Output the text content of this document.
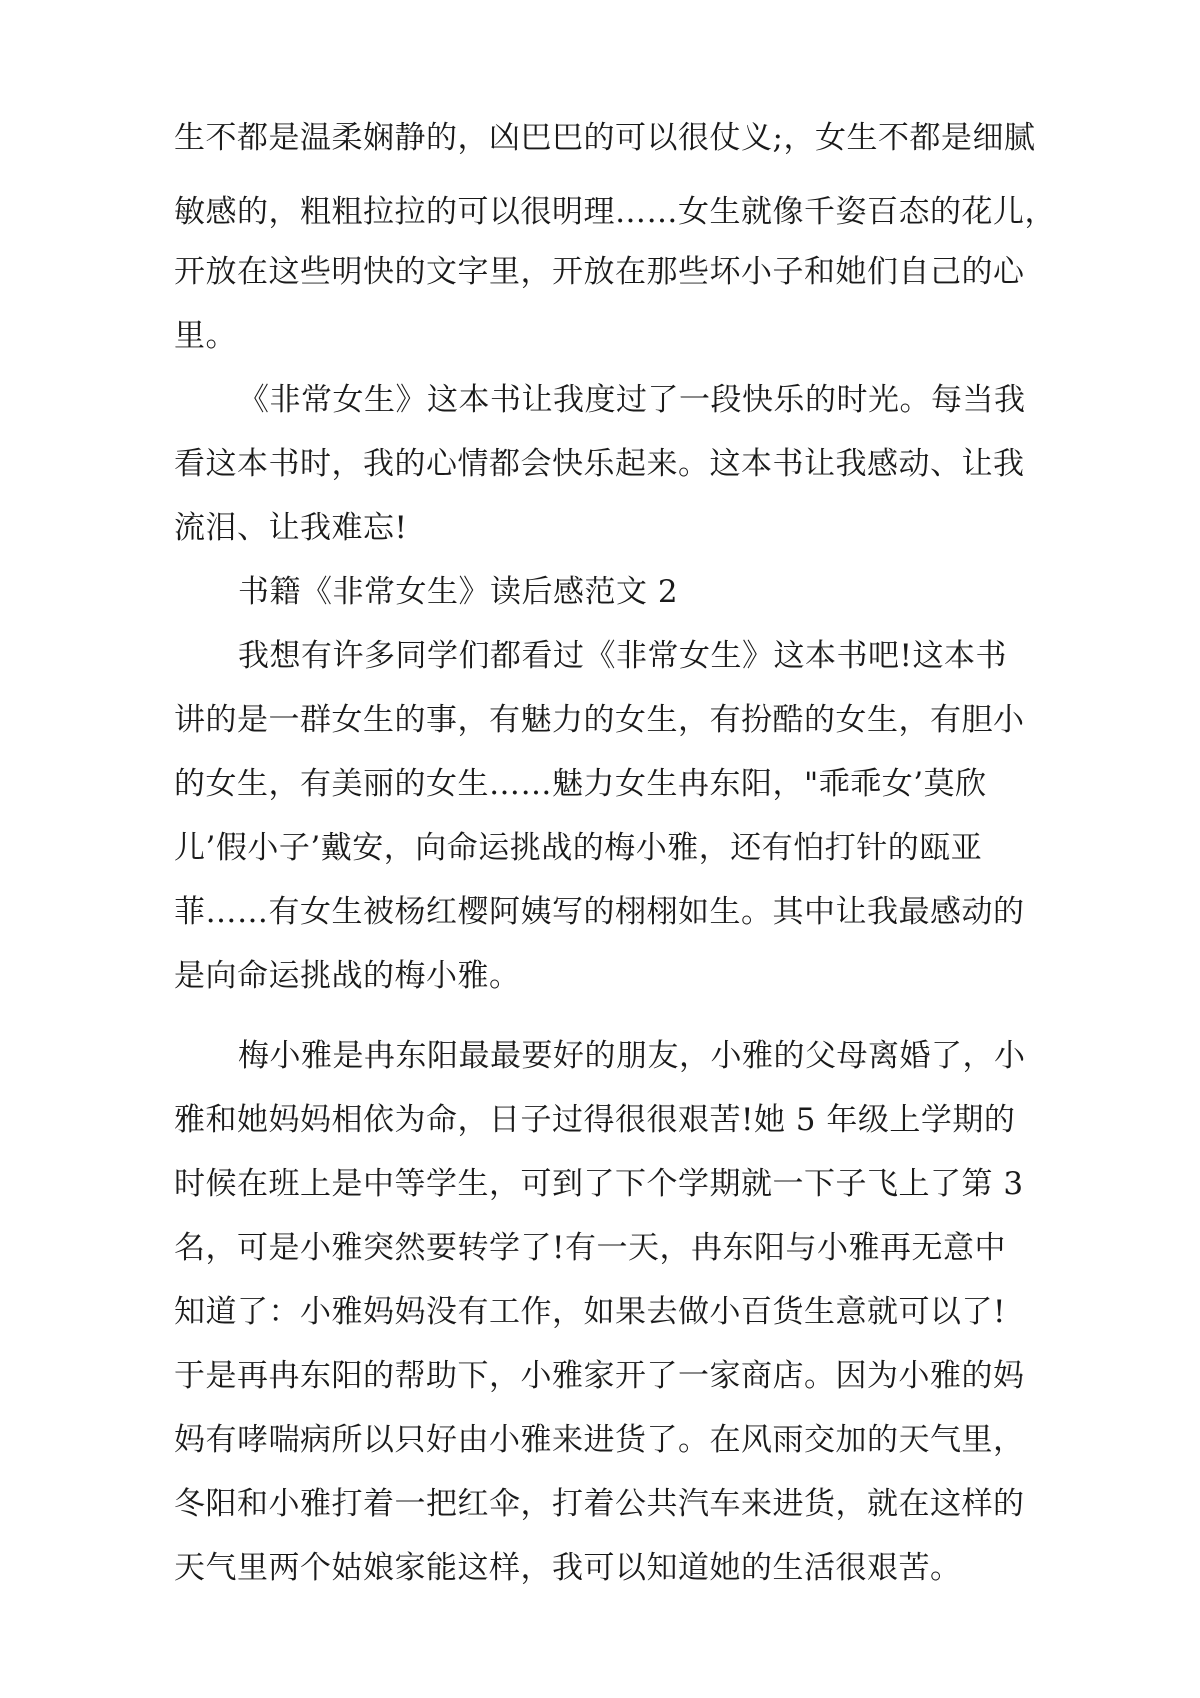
生不都是温柔娴静的，凶巴巴的可以很仗义;，女生不都是细腻
敏感的，粗粗拉拉的可以很明理……女生就像千姿百态的花儿，
开放在这些明快的文字里，开放在那些坏小子和她们自己的心
里。
《非常女生》这本书让我度过了一段快乐的时光。每当我
看这本书时，我的心情都会快乐起来。这本书让我感动、让我
流泪、让我难忘!
书籍《非常女生》读后感范文 2
我想有许多同学们都看过《非常女生》这本书吧!这本书
讲的是一群女生的事，有魅力的女生，有扮酷的女生，有胆小
的女生，有美丽的女生……魅力女生冉东阳，"乖乖女’莫欣
儿’假小子’戴安，向命运挑战的梅小雅，还有怕打针的瓯亚
菲……有女生被杨红樱阿姨写的栩栩如生。其中让我最感动的
是向命运挑战的梅小雅。
梅小雅是冉东阳最最要好的朋友，小雅的父母离婚了，小
雅和她妈妈相依为命，日子过得很很艰苦!她 5 年级上学期的
时候在班上是中等学生，可到了下个学期就一下子飞上了第 3
名，可是小雅突然要转学了!有一天，冉东阳与小雅再无意中
知道了：小雅妈妈没有工作，如果去做小百货生意就可以了!
于是再冉东阳的帮助下，小雅家开了一家商店。因为小雅的妈
妈有哮喘病所以只好由小雅来进货了。在风雨交加的天气里，
冬阳和小雅打着一把红伞，打着公共汽车来进货，就在这样的
天气里两个姑娘家能这样，我可以知道她的生活很艰苦。
